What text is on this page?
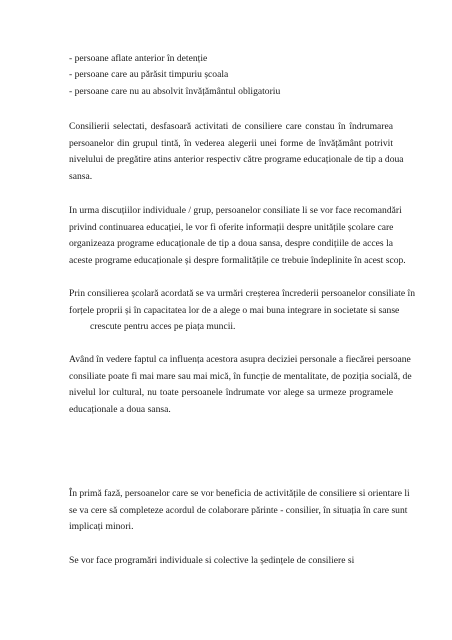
- persoane aflate anterior în detenție
- persoane care au părăsit timpuriu școala
- persoane care nu au absolvit învățământul obligatoriu
Consilierii selectati, desfasoară activitati de consiliere care constau în îndrumarea
persoanelor din grupul tintă, în vederea alegerii unei forme de învățământ potrivit
nivelului de pregătire atins anterior respectiv către programe educaționale de tip a doua
sansa.
In urma discuțiilor individuale / grup, persoanelor consiliate li se vor face recomandări
privind continuarea educației, le vor fi oferite informații despre unitățile școlare care
organizeaza programe educaționale de tip a doua sansa, despre condițiile de acces la
aceste programe educaționale și despre formalitățile ce trebuie îndeplinite în acest scop.
Prin consilierea școlară acordată se va urmări creșterea încrederii persoanelor consiliate în
forțele proprii și în capacitatea lor de a alege o mai buna integrare in societate si sanse
crescute pentru acces pe piața muncii.
Având în vedere faptul ca influența acestora asupra deciziei personale a fiecărei persoane
consiliate poate fi mai mare sau mai mică, în funcție de mentalitate, de poziția socială, de
nivelul lor cultural, nu toate persoanele îndrumate vor alege sa urmeze programele
educaționale a doua sansa.
În primă fază, persoanelor care se vor beneficia de activitățile de consiliere si orientare li
se va cere să completeze acordul de colaborare părinte - consilier, în situația în care sunt
implicați minori.
Se vor face programări individuale si colective la ședințele de consiliere si
